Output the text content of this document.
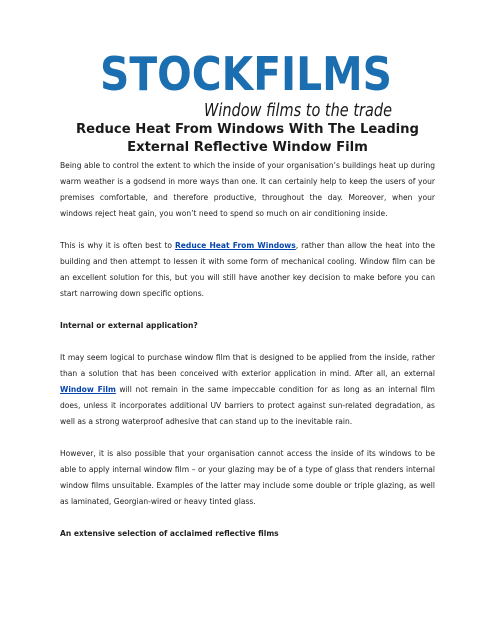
STOCKFILMS
Window films to the trade
Reduce Heat From Windows With The Leading
External Reflective Window Film

Being able to control the extent to which the inside of your organisation’s buildings heat up during warm weather is a godsend in more ways than one. It can certainly help to keep the users of your premises comfortable, and therefore productive, throughout the day. Moreover, when your windows reject heat gain, you won’t need to spend so much on air conditioning inside.

This is why it is often best to Reduce Heat From Windows, rather than allow the heat into the building and then attempt to lessen it with some form of mechanical cooling. Window film can be an excellent solution for this, but you will still have another key decision to make before you can start narrowing down specific options.

Internal or external application?

It may seem logical to purchase window film that is designed to be applied from the inside, rather than a solution that has been conceived with exterior application in mind. After all, an external Window Film will not remain in the same impeccable condition for as long as an internal film does, unless it incorporates additional UV barriers to protect against sun-related degradation, as well as a strong waterproof adhesive that can stand up to the inevitable rain.

However, it is also possible that your organisation cannot access the inside of its windows to be able to apply internal window film – or your glazing may be of a type of glass that renders internal window films unsuitable. Examples of the latter may include some double or triple glazing, as well as laminated, Georgian-wired or heavy tinted glass.

An extensive selection of acclaimed reflective films
